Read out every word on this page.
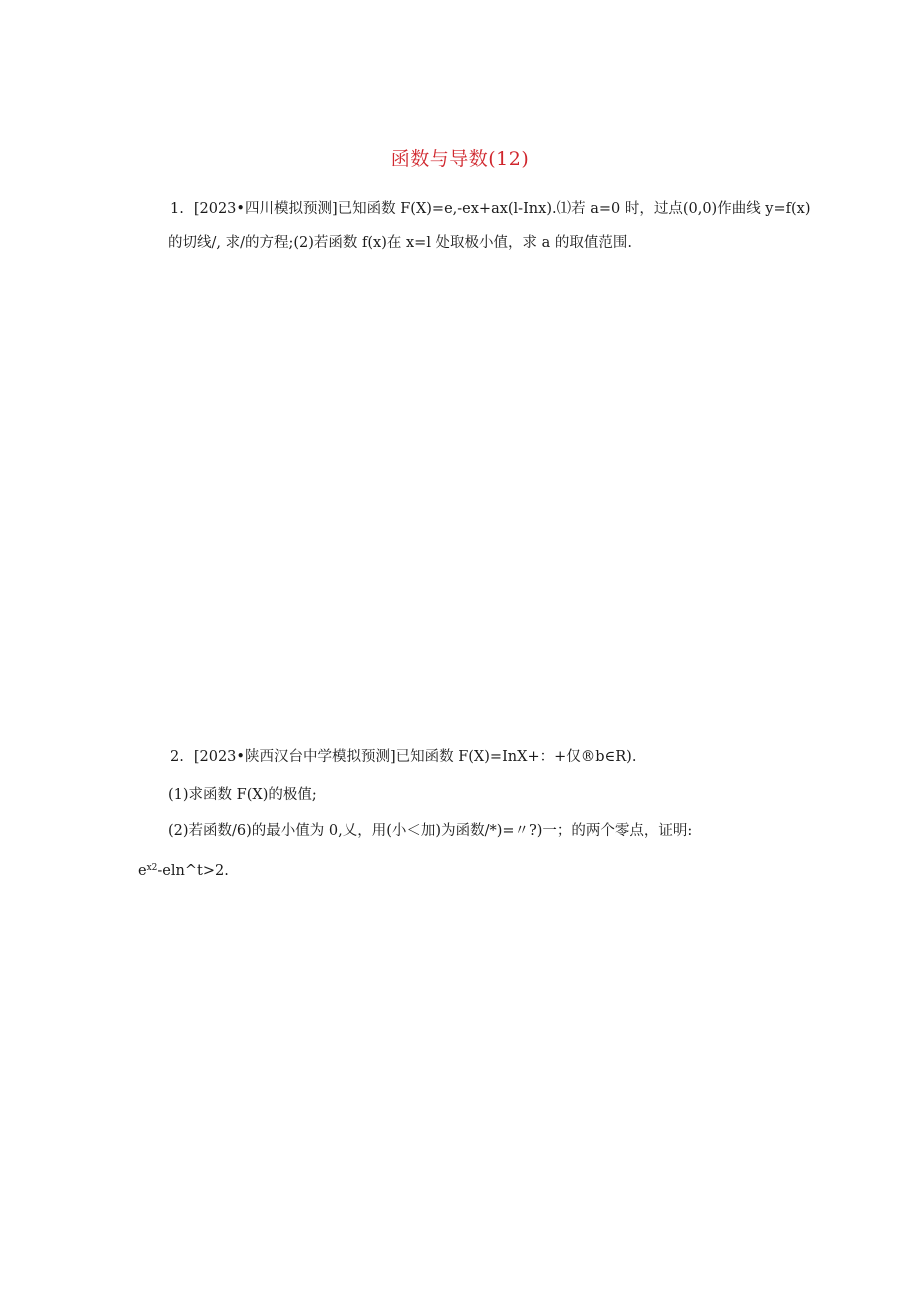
函数与导数(12)
1. [2023•四川模拟预测]已知函数 F(X)=e,-ex+ax(l-Inx).⑴若 a=0 时，过点(0,0)作曲线 y=f(x)
的切线/, 求/的方程;(2)若函数 f(x)在 x=l 处取极小值，求 a 的取值范围.
2. [2023•陕西汉台中学模拟预测]已知函数 F(X)=InX+：+仅®b∈R).
(1)求函数 F(X)的极值;
(2)若函数/6)的最小值为 0,乂，用(小＜加)为函数/*)=〃?)一；的两个零点，证明:
$e^{x2}-eln\^{}t>2$.
